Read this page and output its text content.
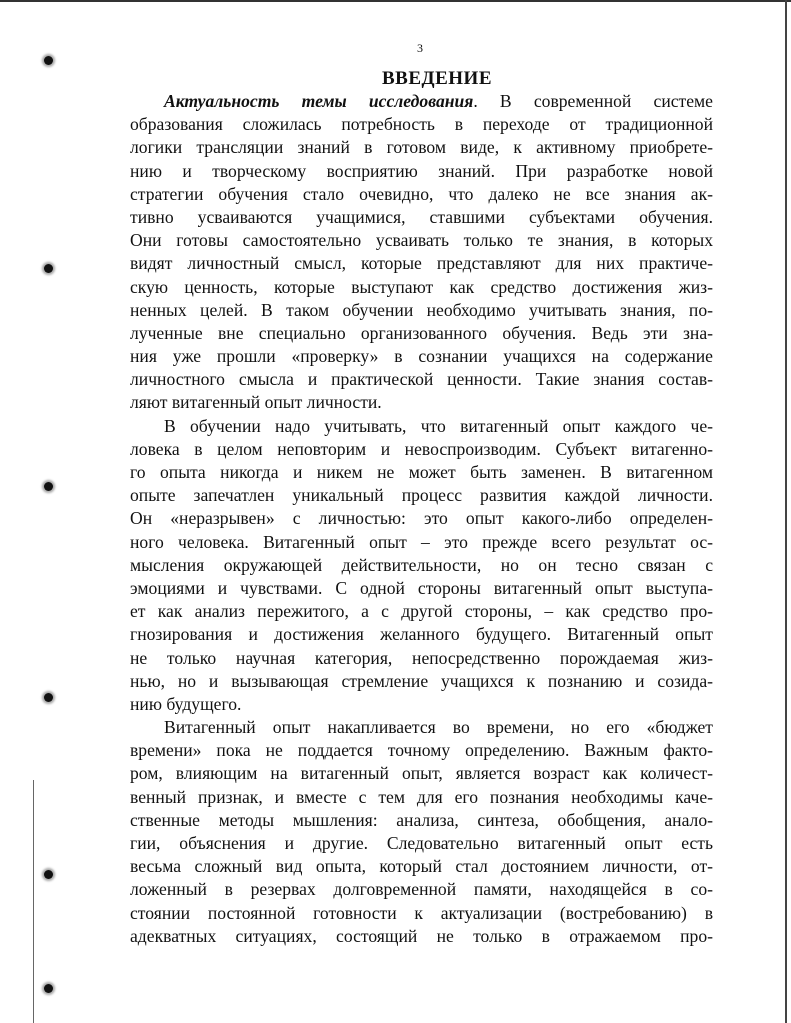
3
ВВЕДЕНИЕ
Актуальность темы исследования. В современной системе
образования сложилась потребность в переходе от традиционной
логики трансляции знаний в готовом виде, к активному приобрете-
нию и творческому восприятию знаний. При разработке новой
стратегии обучения стало очевидно, что далеко не все знания ак-
тивно усваиваются учащимися, ставшими субъектами обучения.
Они готовы самостоятельно усваивать только те знания, в которых
видят личностный смысл, которые представляют для них практиче-
скую ценность, которые выступают как средство достижения жиз-
ненных целей. В таком обучении необходимо учитывать знания, по-
лученные вне специально организованного обучения. Ведь эти зна-
ния уже прошли «проверку» в сознании учащихся на содержание
личностного смысла и практической ценности. Такие знания состав-
ляют витагенный опыт личности.
В обучении надо учитывать, что витагенный опыт каждого че-
ловека в целом неповторим и невоспроизводим. Субъект витагенно-
го опыта никогда и никем не может быть заменен. В витагенном
опыте запечатлен уникальный процесс развития каждой личности.
Он «неразрывен» с личностью: это опыт какого-либо определен-
ного человека. Витагенный опыт – это прежде всего результат ос-
мысления окружающей действительности, но он тесно связан с
эмоциями и чувствами. С одной стороны витагенный опыт выступа-
ет как анализ пережитого, а с другой стороны, – как средство про-
гнозирования и достижения желанного будущего. Витагенный опыт
не только научная категория, непосредственно порождаемая жиз-
нью, но и вызывающая стремление учащихся к познанию и созида-
нию будущего.
Витагенный опыт накапливается во времени, но его «бюджет
времени» пока не поддается точному определению. Важным факто-
ром, влияющим на витагенный опыт, является возраст как количест-
венный признак, и вместе с тем для его познания необходимы каче-
ственные методы мышления: анализа, синтеза, обобщения, анало-
гии, объяснения и другие. Следовательно витагенный опыт есть
весьма сложный вид опыта, который стал достоянием личности, от-
ложенный в резервах долговременной памяти, находящейся в со-
стоянии постоянной готовности к актуализации (востребованию) в
адекватных ситуациях, состоящий не только в отражаемом про-
